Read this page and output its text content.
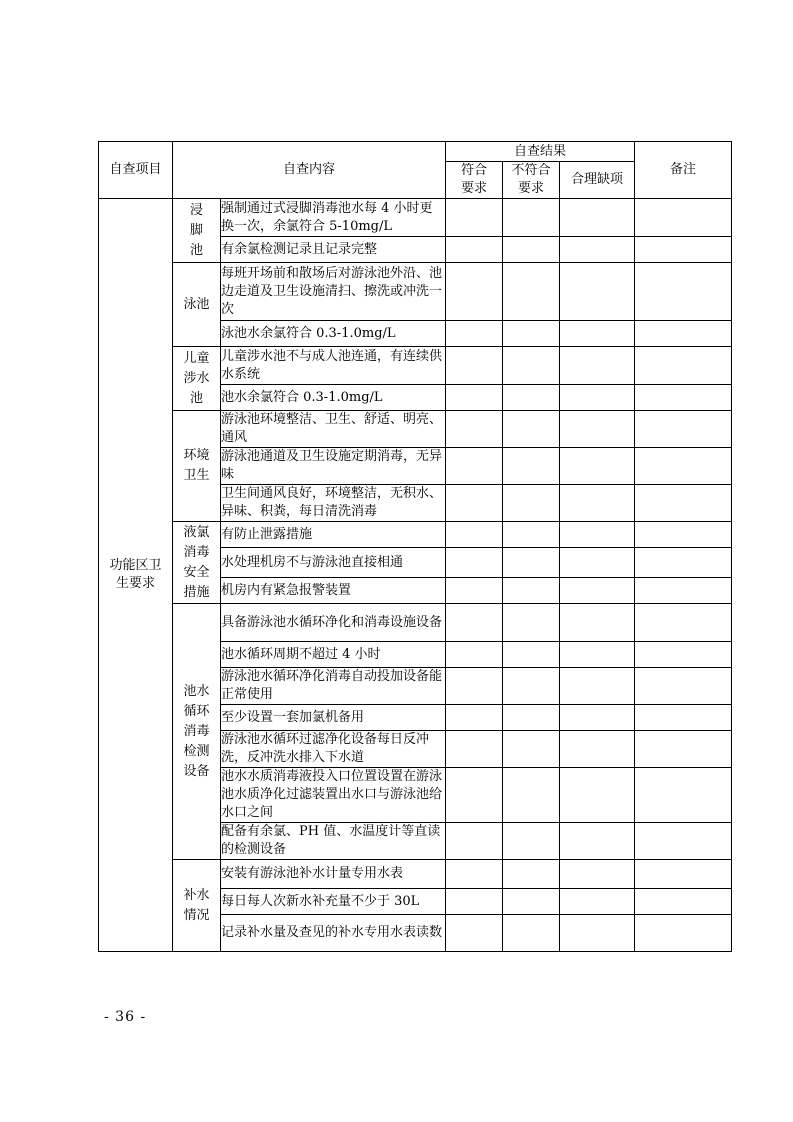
自查项目	自查内容		自查结果			备注
			符合要求	不符合要求	合理缺项	
功能区卫生要求	浸脚池	强制通过式浸脚消毒池水每 4 小时更换一次，余氯符合 5-10mg/L				
		有余氯检测记录且记录完整				
	泳池	每班开场前和散场后对游泳池外沿、池边走道及卫生设施清扫、擦洗或冲洗一次				
		泳池水余氯符合 0.3-1.0mg/L				
	儿童涉水池	儿童涉水池不与成人池连通，有连续供水系统				
		池水余氯符合 0.3-1.0mg/L				
	环境卫生	游泳池环境整洁、卫生、舒适、明亮、通风				
		游泳池通道及卫生设施定期消毒，无异味				
		卫生间通风良好，环境整洁，无积水、异味、积粪，每日清洗消毒				
	液氯消毒安全措施	有防止泄露措施				
		水处理机房不与游泳池直接相通				
		机房内有紧急报警装置				
	池水循环消毒检测设备	具备游泳池水循环净化和消毒设施设备				
		池水循环周期不超过 4 小时				
		游泳池水循环净化消毒自动投加设备能正常使用				
		至少设置一套加氯机备用				
		游泳池水循环过滤净化设备每日反冲洗，反冲洗水排入下水道				
		池水水质消毒液投入口位置设置在游泳池水质净化过滤装置出水口与游泳池给水口之间				
		配备有余氯、PH 值、水温度计等直读的检测设备				
	补水情况	安装有游泳池补水计量专用水表				
		每日每人次新水补充量不少于 30L				
		记录补水量及查见的补水专用水表读数				
- 36 -
